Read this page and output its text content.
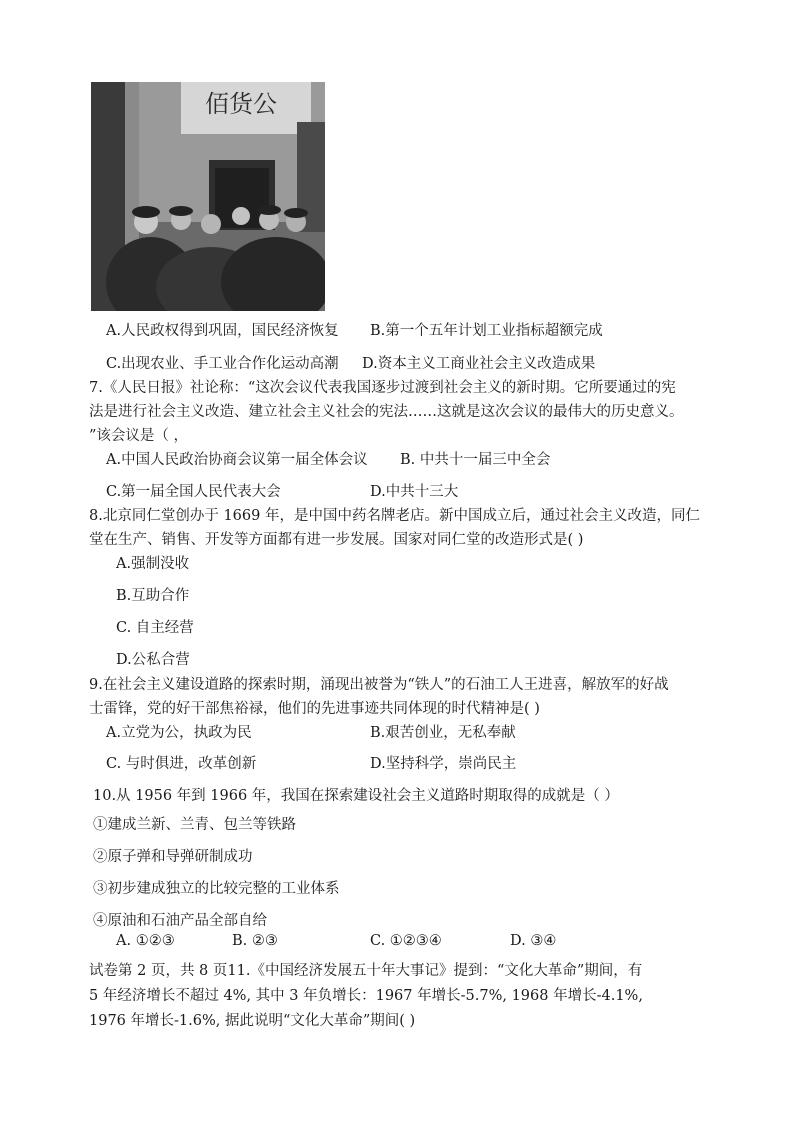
佰货公
A.人民政权得到巩固，国民经济恢复 B.第一个五年计划工业指标超额完成
C.出现农业、手工业合作化运动高潮 D.资本主义工商业社会主义改造成果
7.《人民日报》社论称：“这次会议代表我国逐步过渡到社会主义的新时期。它所要通过的宪
法是进行社会主义改造、建立社会主义社会的宪法……这就是这次会议的最伟大的历史意义。
”该会议是（ ，
A.中国人民政治协商会议第一届全体会议 B. 中共十一届三中全会
C.第一届全国人民代表大会	D.中共十三大
8.北京同仁堂创办于 1669 年，是中国中药名牌老店。新中国成立后，通过社会主义改造，同仁
堂在生产、销售、开发等方面都有进一步发展。国家对同仁堂的改造形式是( )
A.强制没收
B.互助合作
C. 自主经营
D.公私合营
9.在社会主义建设道路的探索时期，涌现出被誉为“铁人”的石油工人王进喜，解放军的好战
士雷锋，党的好干部焦裕禄，他们的先进事迹共同体现的时代精神是( )
A.立党为公，执政为民	B.艰苦创业，无私奉献
C. 与时俱进，改革创新	D.坚持科学，崇尚民主
10.从 1956 年到 1966 年，我国在探索建设社会主义道路时期取得的成就是（ ）
①建成兰新、兰青、包兰等铁路
②原子弹和导弹研制成功
③初步建成独立的比较完整的工业体系
④原油和石油产品全部自给
A. ①②③	B. ②③	C. ①②③④	D. ③④
试卷第 2 页，共 8 页11.《中国经济发展五十年大事记》提到：“文化大革命”期间，有
5 年经济增长不超过 4%, 其中 3 年负增长：1967 年增长-5.7%, 1968 年增长-4.1%,
1976 年增长-1.6%, 据此说明“文化大革命”期间( )
